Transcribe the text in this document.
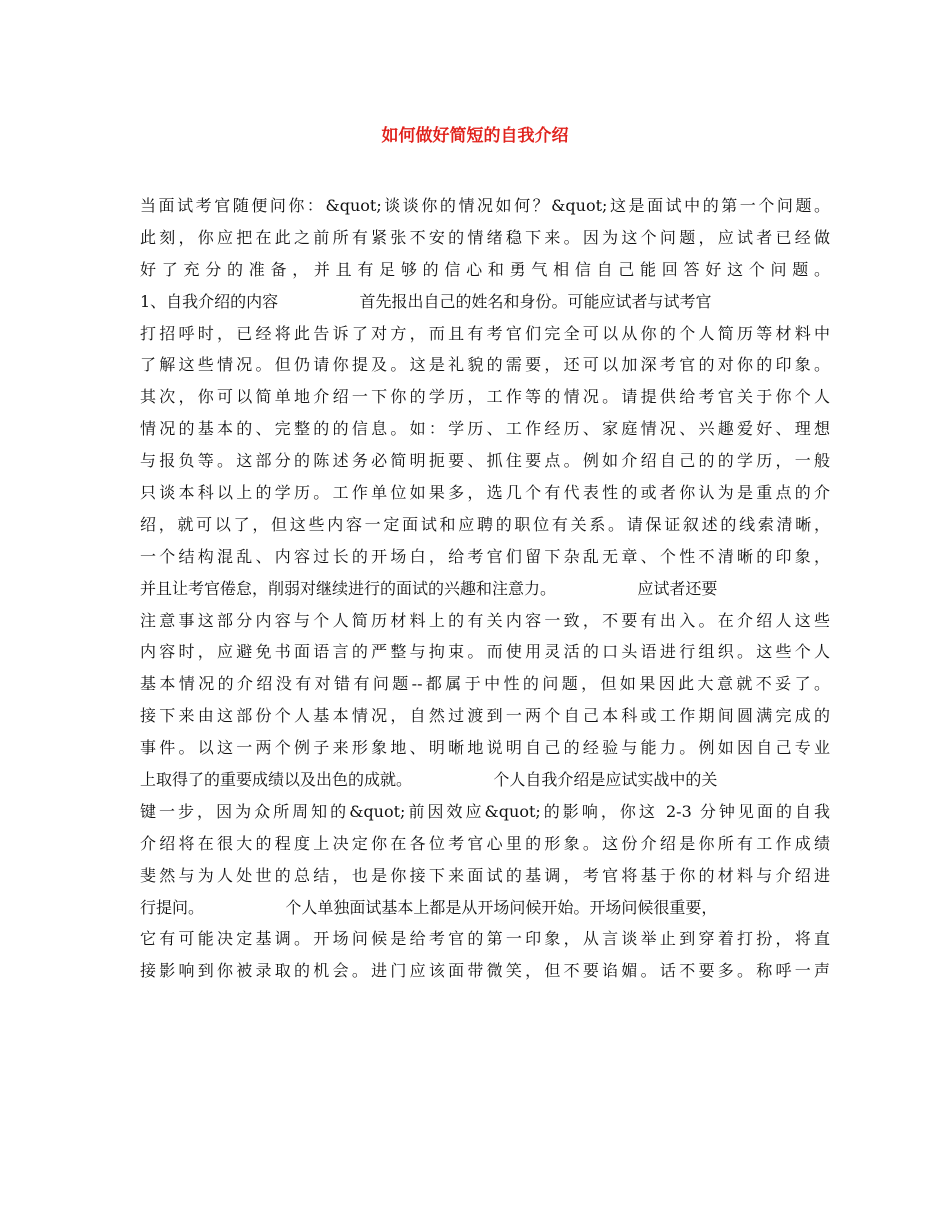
如何做好简短的自我介绍
当面试考官随便问你：&quot;谈谈你的情况如何？&quot;这是面试中的第一个问题。
此刻，你应把在此之前所有紧张不安的情绪稳下来。因为这个问题，应试者已经做
好了充分的准备，并且有足够的信心和勇气相信自己能回答好这个问题。
1、自我介绍的内容                首先报出自己的姓名和身份。可能应试者与试考官
打招呼时，已经将此告诉了对方，而且有考官们完全可以从你的个人简历等材料中
了解这些情况。但仍请你提及。这是礼貌的需要，还可以加深考官的对你的印象。
其次，你可以简单地介绍一下你的学历，工作等的情况。请提供给考官关于你个人
情况的基本的、完整的的信息。如：学历、工作经历、家庭情况、兴趣爱好、理想
与报负等。这部分的陈述务必简明扼要、抓住要点。例如介绍自己的的学历，一般
只谈本科以上的学历。工作单位如果多，选几个有代表性的或者你认为是重点的介
绍，就可以了，但这些内容一定面试和应聘的职位有关系。请保证叙述的线索清晰，
一个结构混乱、内容过长的开场白，给考官们留下杂乱无章、个性不清晰的印象，
并且让考官倦怠，削弱对继续进行的面试的兴趣和注意力。                应试者还要
注意事这部分内容与个人简历材料上的有关内容一致，不要有出入。在介绍人这些
内容时，应避免书面语言的严整与拘束。而使用灵活的口头语进行组织。这些个人
基本情况的介绍没有对错有问题--都属于中性的问题，但如果因此大意就不妥了。
接下来由这部份个人基本情况，自然过渡到一两个自己本科或工作期间圆满完成的
事件。以这一两个例子来形象地、明晰地说明自己的经验与能力。例如因自己专业
上取得了的重要成绩以及出色的成就。                个人自我介绍是应试实战中的关
键一步，因为众所周知的&quot;前因效应&quot;的影响，你这 2-3 分钟见面的自我
介绍将在很大的程度上决定你在各位考官心里的形象。这份介绍是你所有工作成绩
斐然与为人处世的总结，也是你接下来面试的基调，考官将基于你的材料与介绍进
行提问。                个人单独面试基本上都是从开场问候开始。开场问候很重要，
它有可能决定基调。开场问候是给考官的第一印象，从言谈举止到穿着打扮，将直
接影响到你被录取的机会。进门应该面带微笑，但不要谄媚。话不要多。称呼一声
